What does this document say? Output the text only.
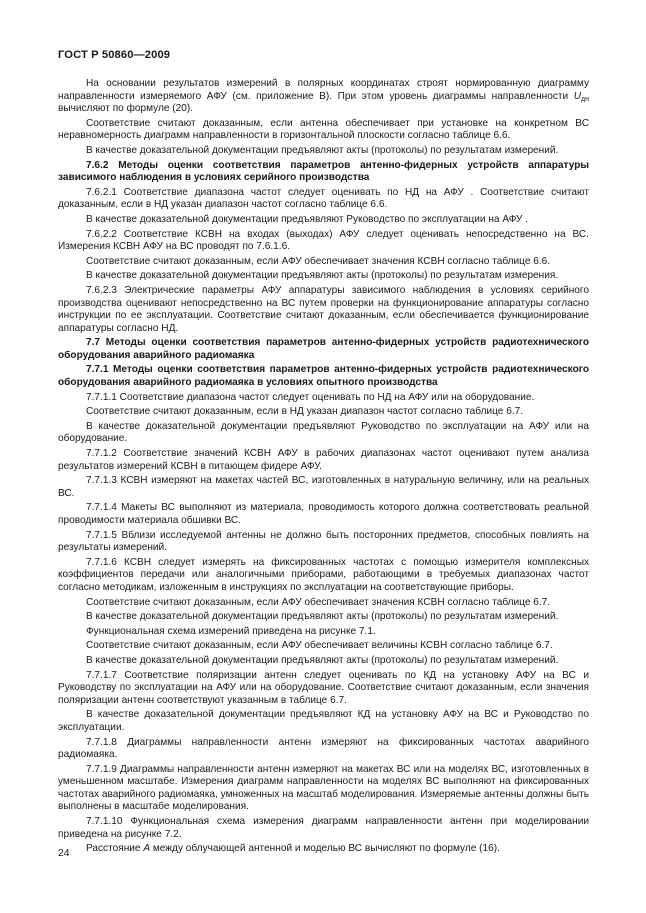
ГОСТ Р 50860—2009

На основании результатов измерений в полярных координатах строят нормированную диаграмму направленности измеряемого АФУ (см. приложение В). При этом уровень диаграммы направленности $U_{дн}$ вычисляют по формуле (20).

Соответствие считают доказанным, если антенна обеспечивает при установке на конкретном ВС неравномерность диаграмм направленности в горизонтальной плоскости согласно таблице 6.6.

В качестве доказательной документации предъявляют акты (протоколы) по результатам измерений.

7.6.2 Методы оценки соответствия параметров антенно-фидерных устройств аппаратуры зависимого наблюдения в условиях серийного производства

7.6.2.1 Соответствие диапазона частот следует оценивать по НД на АФУ . Соответствие считают доказанным, если в НД указан диапазон частот согласно таблице 6.6.

В качестве доказательной документации предъявляют Руководство по эксплуатации на АФУ .

7.6.2.2 Соответствие КСВН на входах (выходах) АФУ следует оценивать непосредственно на ВС. Измерения КСВН АФУ на ВС проводят по 7.6.1.6.

Соответствие считают доказанным, если АФУ обеспечивает значения КСВН согласно таблице 6.6.

В качестве доказательной документации предъявляют акты (протоколы) по результатам измерения.

7.6.2.3 Электрические параметры АФУ аппаратуры зависимого наблюдения в условиях серийного производства оценивают непосредственно на ВС путем проверки на функционирование аппаратуры согласно инструкции по ее эксплуатации. Соответствие считают доказанным, если обеспечивается функционирование аппаратуры согласно НД.

7.7 Методы оценки соответствия параметров антенно-фидерных устройств радиотехнического оборудования аварийного радиомаяка

7.7.1 Методы оценки соответствия параметров антенно-фидерных устройств радиотехнического оборудования аварийного радиомаяка в условиях опытного производства

7.7.1.1 Соответствие диапазона частот следует оценивать по НД на АФУ или на оборудование.

Соответствие считают доказанным, если в НД указан диапазон частот согласно таблице 6.7.

В качестве доказательной документации предъявляют Руководство по эксплуатации на АФУ или на оборудование.

7.7.1.2 Соответствие значений КСВН АФУ в рабочих диапазонах частот оценивают путем анализа результатов измерений КСВН в питающем фидере АФУ.

7.7.1.3 КСВН измеряют на макетах частей ВС, изготовленных в натуральную величину, или на реальных ВС.

7.7.1.4 Макеты ВС выполняют из материала, проводимость которого должна соответствовать реальной проводимости материала обшивки ВС.

7.7.1.5 Вблизи исследуемой антенны не должно быть посторонних предметов, способных повлиять на результаты измерений.

7.7.1.6 КСВН следует измерять на фиксированных частотах с помощью измерителя комплексных коэффициентов передачи или аналогичными приборами, работающими в требуемых диапазонах частот согласно методикам, изложенным в инструкциях по эксплуатации на соответствующие приборы.

Соответствие считают доказанным, если АФУ обеспечивает значения КСВН согласно таблице 6.7.

В качестве доказательной документации предъявляют акты (протоколы) по результатам измерений.

Функциональная схема измерений приведена на рисунке 7.1.

Соответствие считают доказанным, если АФУ обеспечивает величины КСВН согласно таблице 6.7.

В качестве доказательной документации предъявляют акты (протоколы) по результатам измерений.

7.7.1.7 Соответствие поляризации антенн следует оценивать по КД на установку АФУ на ВС и Руководству по эксплуатации на АФУ или на оборудование. Соответствие считают доказанным, если значения поляризации антенн соответствуют указанным в таблице 6.7.

В качестве доказательной документации предъявляют КД на установку АФУ на ВС и Руководство по эксплуатации.

7.7.1.8 Диаграммы направленности антенн измеряют на фиксированных частотах аварийного радиомаяка.

7.7.1.9 Диаграммы направленности антенн измеряют на макетах ВС или на моделях ВС, изготовленных в уменьшенном масштабе. Измерения диаграмм направленности на моделях ВС выполняют на фиксированных частотах аварийного радиомаяка, умноженных на масштаб моделирования. Измеряемые антенны должны быть выполнены в масштабе моделирования.

7.7.1.10 Функциональная схема измерения диаграмм направленности антенн при моделировании приведена на рисунке 7.2.

Расстояние А между облучающей антенной и моделью ВС вычисляют по формуле (16).

24
